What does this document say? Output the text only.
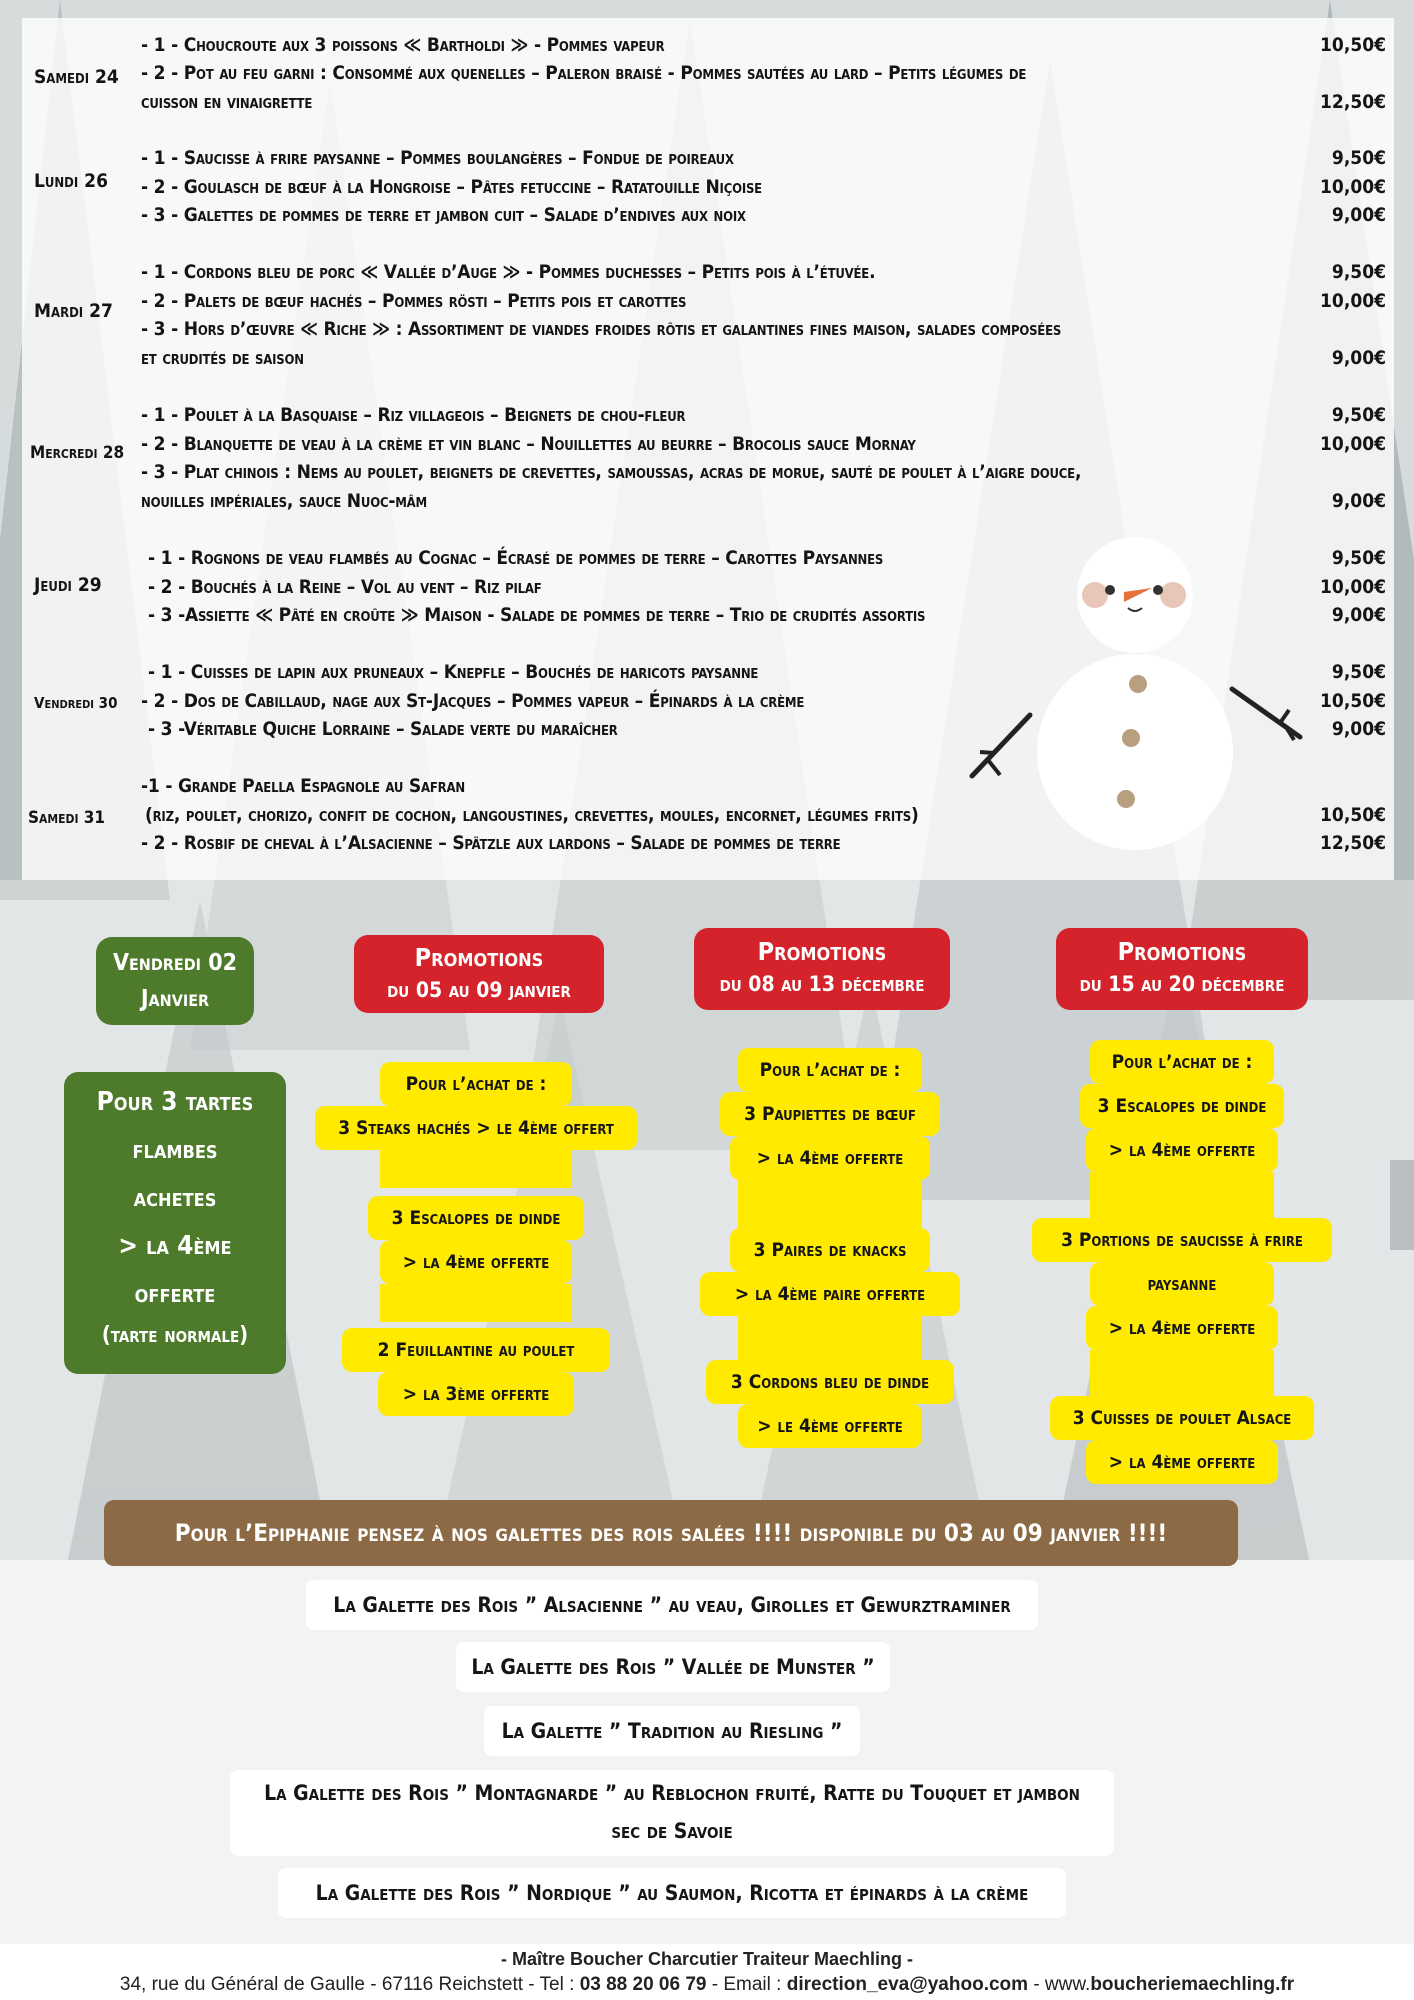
Samedi 24
- 1 - Choucroute aux 3 poissons ≪ Bartholdi ≫ - Pommes vapeur	10,50€
- 2 - Pot au feu garni : Consommé aux quenelles – Paleron braisé - Pommes sautées au lard – Petits légumes de
cuisson en vinaigrette	12,50€
Lundi 26
- 1 - Saucisse à frire paysanne – Pommes boulangères – Fondue de poireaux	9,50€
- 2 - Goulasch de bœuf à la Hongroise – Pâtes fetuccine – Ratatouille Niçoise	10,00€
- 3 - Galettes de pommes de terre et jambon cuit – Salade d’endives aux noix	9,00€
Mardi 27
- 1 - Cordons bleu de porc ≪ Vallée d’Auge ≫ - Pommes duchesses – Petits pois à l’étuvée.	9,50€
- 2 - Palets de bœuf hachés – Pommes rösti – Petits pois et carottes	10,00€
- 3 - Hors d’œuvre ≪ Riche ≫ : Assortiment de viandes froides rôtis et galantines fines maison, salades composées
et crudités de saison	9,00€
Mercredi 28
- 1 - Poulet à la Basquaise – Riz villageois – Beignets de chou-fleur	9,50€
- 2 - Blanquette de veau à la crème et vin blanc – Nouillettes au beurre – Brocolis sauce Mornay	10,00€
- 3 - Plat chinois : Nems au poulet, beignets de crevettes, samoussas, acras de morue, sauté de poulet à l’aigre douce,
nouilles impériales, sauce Nuoc-mâm	9,00€
Jeudi 29
- 1 - Rognons de veau flambés au Cognac – Écrasé de pommes de terre – Carottes Paysannes	9,50€
- 2 - Bouchés à la Reine – Vol au vent – Riz pilaf	10,00€
- 3 -Assiette ≪ Pâté en croûte ≫ Maison - Salade de pommes de terre – Trio de crudités assortis	9,00€
Vendredi 30
- 1 - Cuisses de lapin aux pruneaux – Knepfle – Bouchés de haricots paysanne	9,50€
- 2 - Dos de Cabillaud, nage aux St-Jacques – Pommes vapeur – Épinards à la crème	10,50€
- 3 -Véritable Quiche Lorraine – Salade verte du maraîcher	9,00€
Samedi 31
-1 - Grande Paella Espagnole au Safran
(riz, poulet, chorizo, confit de cochon, langoustines, crevettes, moules, encornet, légumes frits)	10,50€
- 2 - Rosbif de cheval à l’Alsacienne – Spätzle aux lardons – Salade de pommes de terre	12,50€
Vendredi 02
Janvier
Pour 3 tartes
flambes
achetes
> la 4ème
offerte
(tarte normale)
Promotions
du 05 au 09 janvier
Pour l’achat de :
3 Steaks hachés > le 4ème offert
3 Escalopes de dinde
> la 4ème offerte
2 Feuillantine au poulet
> la 3ème offerte
Promotions
du 08 au 13 décembre
Pour l’achat de :
3 Paupiettes de bœuf
> la 4ème offerte
3 Paires de knacks
> la 4ème paire offerte
3 Cordons bleu de dinde
> le 4ème offerte
Promotions
du 15 au 20 décembre
Pour l’achat de :
3 Escalopes de dinde
> la 4ème offerte
3 Portions de saucisse à frire
paysanne
> la 4ème offerte
3 Cuisses de poulet Alsace
> la 4ème offerte
Pour l’Epiphanie pensez à nos galettes des rois salées !!!! disponible du 03 au 09 janvier !!!!
La Galette des Rois ” Alsacienne ” au veau, Girolles et Gewurztraminer
La Galette des Rois ” Vallée de Munster ”
La Galette ” Tradition au Riesling ”
La Galette des Rois ” Montagnarde ” au Reblochon fruité, Ratte du Touquet et jambon
sec de Savoie
La Galette des Rois ” Nordique ” au Saumon, Ricotta et épinards à la crème
- Maître Boucher Charcutier Traiteur Maechling -
34, rue du Général de Gaulle - 67116 Reichstett - Tel : 03 88 20 06 79 - Email : direction_eva@yahoo.com - www.boucheriemaechling.fr
